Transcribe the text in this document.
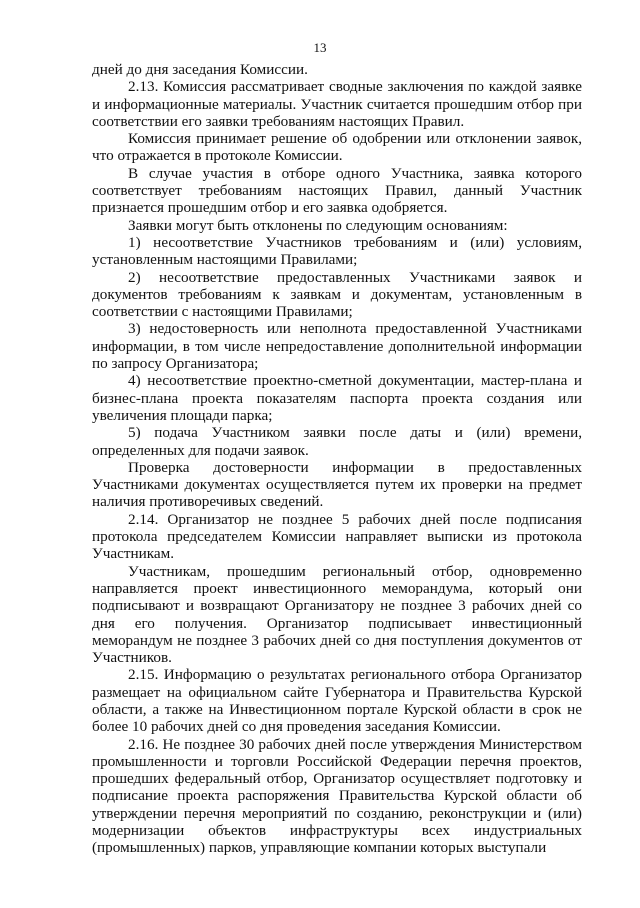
13

дней до дня заседания Комиссии.

2.13. Комиссия рассматривает сводные заключения по каждой заявке и информационные материалы. Участник считается прошедшим отбор при соответствии его заявки требованиям настоящих Правил.

Комиссия принимает решение об одобрении или отклонении заявок, что отражается в протоколе Комиссии.

В случае участия в отборе одного Участника, заявка которого соответствует требованиям настоящих Правил, данный Участник признается прошедшим отбор и его заявка одобряется.

Заявки могут быть отклонены по следующим основаниям:

1) несоответствие Участников требованиям и (или) условиям, установленным настоящими Правилами;

2) несоответствие предоставленных Участниками заявок и документов требованиям к заявкам и документам, установленным в соответствии с настоящими Правилами;

3) недостоверность или неполнота предоставленной Участниками информации, в том числе непредоставление дополнительной информации по запросу Организатора;

4) несоответствие проектно-сметной документации, мастер-плана и бизнес-плана проекта показателям паспорта проекта создания или увеличения площади парка;

5) подача Участником заявки после даты и (или) времени, определенных для подачи заявок.

Проверка достоверности информации в предоставленных Участниками документах осуществляется путем их проверки на предмет наличия противоречивых сведений.

2.14. Организатор не позднее 5 рабочих дней после подписания протокола председателем Комиссии направляет выписки из протокола Участникам.

Участникам, прошедшим региональный отбор, одновременно направляется проект инвестиционного меморандума, который они подписывают и возвращают Организатору не позднее 3 рабочих дней со дня его получения. Организатор подписывает инвестиционный меморандум не позднее 3 рабочих дней со дня поступления документов от Участников.

2.15. Информацию о результатах регионального отбора Организатор размещает на официальном сайте Губернатора и Правительства Курской области, а также на Инвестиционном портале Курской области в срок не более 10 рабочих дней со дня проведения заседания Комиссии.

2.16. Не позднее 30 рабочих дней после утверждения Министерством промышленности и торговли Российской Федерации перечня проектов, прошедших федеральный отбор, Организатор осуществляет подготовку и подписание проекта распоряжения Правительства Курской области об утверждении перечня мероприятий по созданию, реконструкции и (или) модернизации объектов инфраструктуры всех индустриальных (промышленных) парков, управляющие компании которых выступали
